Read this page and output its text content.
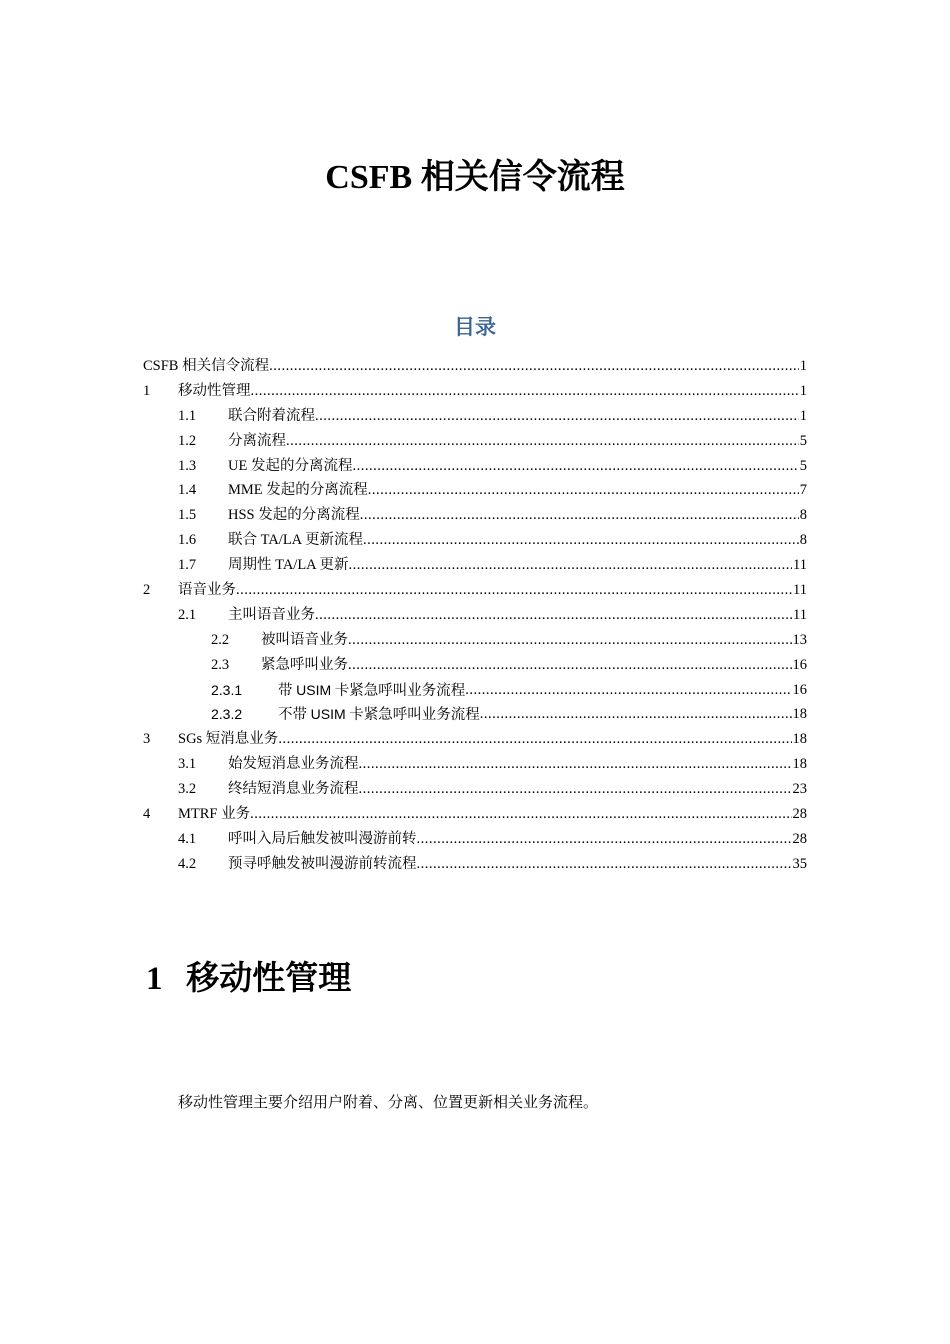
CSFB 相关信令流程
目录
CSFB 相关信令流程 .....	1
1	移动性管理 .....	1
1.1	联合附着流程 .....	1
1.2	分离流程 .....	5
1.3	UE 发起的分离流程 .....	5
1.4	MME 发起的分离流程 .....	7
1.5	HSS 发起的分离流程 .....	8
1.6	联合 TA/LA 更新流程 .....	8
1.7	周期性 TA/LA 更新 .....	11
2	语音业务 .....	11
2.1	主叫语音业务 .....	11
2.2	被叫语音业务 .....	13
2.3	紧急呼叫业务 .....	16
2.3.1	带 USIM 卡紧急呼叫业务流程 .....	16
2.3.2	不带 USIM 卡紧急呼叫业务流程 .....	18
3	SGs 短消息业务 .....	18
3.1	始发短消息业务流程 .....	18
3.2	终结短消息业务流程 .....	23
4	MTRF 业务 .....	28
4.1	呼叫入局后触发被叫漫游前转 .....	28
4.2	预寻呼触发被叫漫游前转流程 .....	35
1 移动性管理
移动性管理主要介绍用户附着、分离、位置更新相关业务流程。
